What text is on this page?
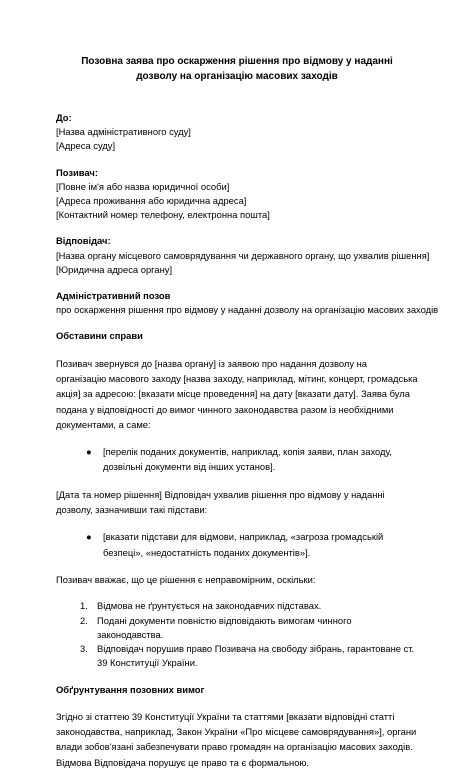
Позовна заява про оскарження рішення про відмову у наданні дозволу на організацію масових заходів
До:
[Назва адміністративного суду]
[Адреса суду]
Позивач:
[Повне ім'я або назва юридичної особи]
[Адреса проживання або юридична адреса]
[Контактний номер телефону, електронна пошта]
Відповідач:
[Назва органу місцевого самоврядування чи державного органу, що ухвалив рішення]
[Юридична адреса органу]
Адміністративний позов
про оскарження рішення про відмову у наданні дозволу на організацію масових заходів
Обставини справи
Позивач звернувся до [назва органу] із заявою про надання дозволу на організацію масового заходу [назва заходу, наприклад, мітинг, концерт, громадська акція] за адресою: [вказати місце проведення] на дату [вказати дату]. Заява була подана у відповідності до вимог чинного законодавства разом із необхідними документами, а саме:
● [перелік поданих документів, наприклад, копія заяви, план заходу, дозвільні документи від інших установ].
[Дата та номер рішення] Відповідач ухвалив рішення про відмову у наданні дозволу, зазначивши такі підстави:
● [вказати підстави для відмови, наприклад, «загроза громадській безпеці», «недостатність поданих документів»].
Позивач вважає, що це рішення є неправомірним, оскільки:
1. Відмова не ґрунтується на законодавчих підставах.
2. Подані документи повністю відповідають вимогам чинного законодавства.
3. Відповідач порушив право Позивача на свободу зібрань, гарантоване ст. 39 Конституції України.
Обґрунтування позовних вимог
Згідно зі статтею 39 Конституції України та статтями [вказати відповідні статті законодавства, наприклад, Закон України «Про місцеве самоврядування»], органи влади зобов'язані забезпечувати право громадян на організацію масових заходів. Відмова Відповідача порушує це право та є формальною.
